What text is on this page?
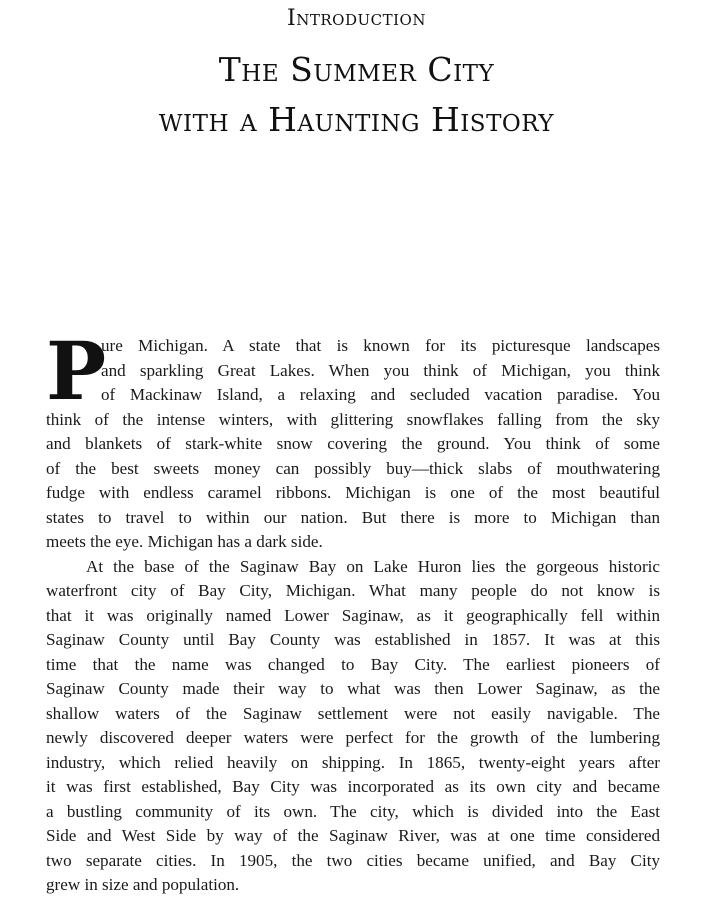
Introduction
The Summer City
with a Haunting History

P
ure Michigan. A state that is known for its picturesque landscapes
and sparkling Great Lakes. When you think of Michigan, you think
of Mackinaw Island, a relaxing and secluded vacation paradise. You
think of the intense winters, with glittering snowflakes falling from the sky
and blankets of stark-white snow covering the ground. You think of some
of the best sweets money can possibly buy—thick slabs of mouthwatering
fudge with endless caramel ribbons. Michigan is one of the most beautiful
states to travel to within our nation. But there is more to Michigan than
meets the eye. Michigan has a dark side.

At the base of the Saginaw Bay on Lake Huron lies the gorgeous historic
waterfront city of Bay City, Michigan. What many people do not know is
that it was originally named Lower Saginaw, as it geographically fell within
Saginaw County until Bay County was established in 1857. It was at this
time that the name was changed to Bay City. The earliest pioneers of
Saginaw County made their way to what was then Lower Saginaw, as the
shallow waters of the Saginaw settlement were not easily navigable. The
newly discovered deeper waters were perfect for the growth of the lumbering
industry, which relied heavily on shipping. In 1865, twenty-eight years after
it was first established, Bay City was incorporated as its own city and became
a bustling community of its own. The city, which is divided into the East
Side and West Side by way of the Saginaw River, was at one time considered
two separate cities. In 1905, the two cities became unified, and Bay City
grew in size and population.
